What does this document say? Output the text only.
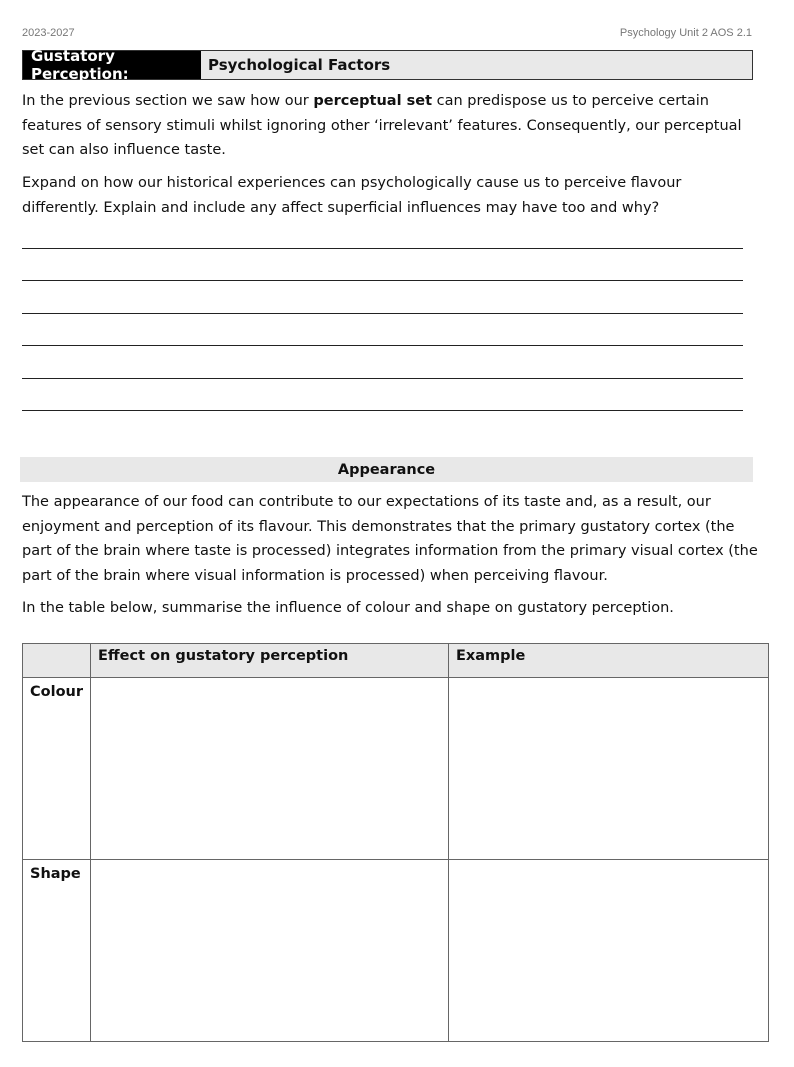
2023-2027	Psychology Unit 2 AOS 2.1
Gustatory Perception:	Psychological Factors

In the previous section we saw how our perceptual set can predispose us to perceive certain features of sensory stimuli whilst ignoring other ‘irrelevant’ features. Consequently, our perceptual set can also influence taste.

Expand on how our historical experiences can psychologically cause us to perceive flavour differently. Explain and include any affect superficial influences may have too and why?

Appearance

The appearance of our food can contribute to our expectations of its taste and, as a result, our enjoyment and perception of its flavour. This demonstrates that the primary gustatory cortex (the part of the brain where taste is processed) integrates information from the primary visual cortex (the part of the brain where visual information is processed) when perceiving flavour.

In the table below, summarise the influence of colour and shape on gustatory perception.

	Effect on gustatory perception	Example
Colour		
Shape		
